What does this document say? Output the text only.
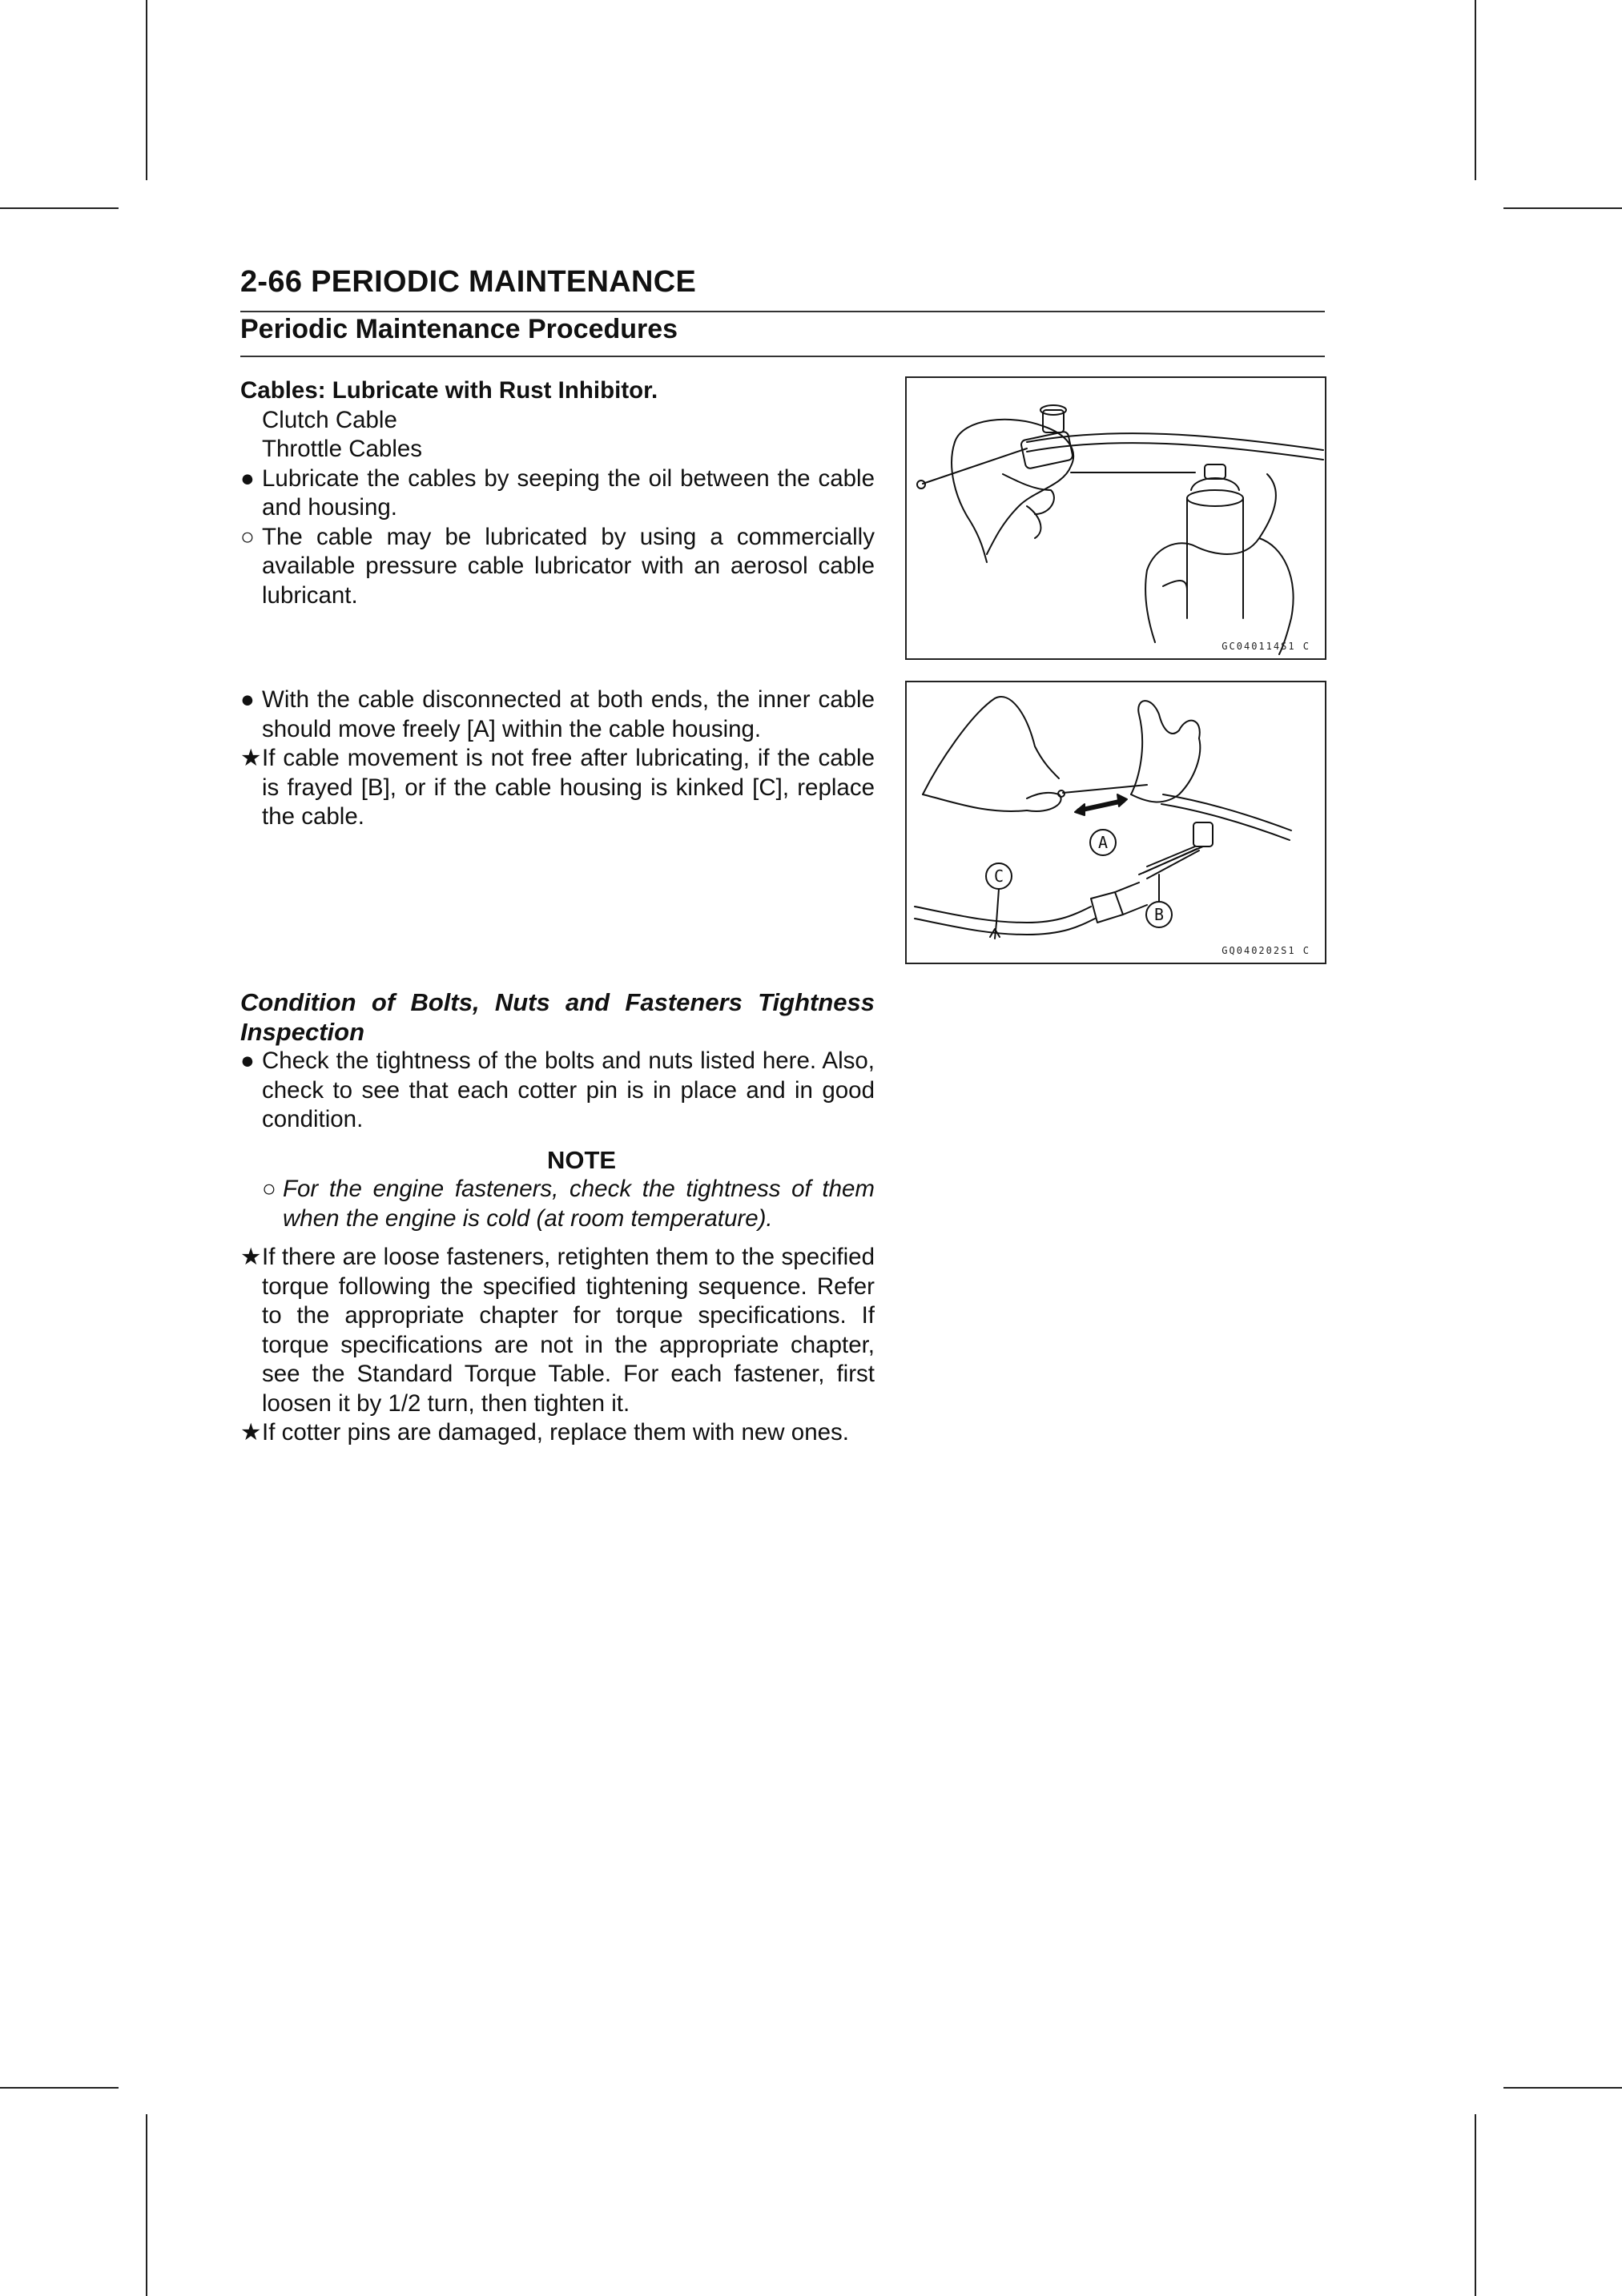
2-66 PERIODIC MAINTENANCE
Periodic Maintenance Procedures

Cables: Lubricate with Rust Inhibitor.

Clutch Cable

Throttle Cables

● Lubricate the cables by seeping the oil between the cable and housing.
○ The cable may be lubricated by using a commercially available pressure cable lubricator with an aerosol cable lubricant.
● With the cable disconnected at both ends, the inner cable should move freely [A] within the cable housing.
★ If cable movement is not free after lubricating, if the cable is frayed [B], or if the cable housing is kinked [C], replace the cable.

Condition of Bolts, Nuts and Fasteners Tightness Inspection

● Check the tightness of the bolts and nuts listed here. Also, check to see that each cotter pin is in place and in good condition.
NOTE
○ For the engine fasteners, check the tightness of them when the engine is cold (at room temperature).
★ If there are loose fasteners, retighten them to the specified torque following the specified tightening sequence. Refer to the appropriate chapter for torque specifications. If torque specifications are not in the appropriate chapter, see the Standard Torque Table. For each fastener, first loosen it by 1/2 turn, then tighten it.
★ If cotter pins are damaged, replace them with new ones.
GC040114S1 C
A
C
B
GQ040202S1 C
